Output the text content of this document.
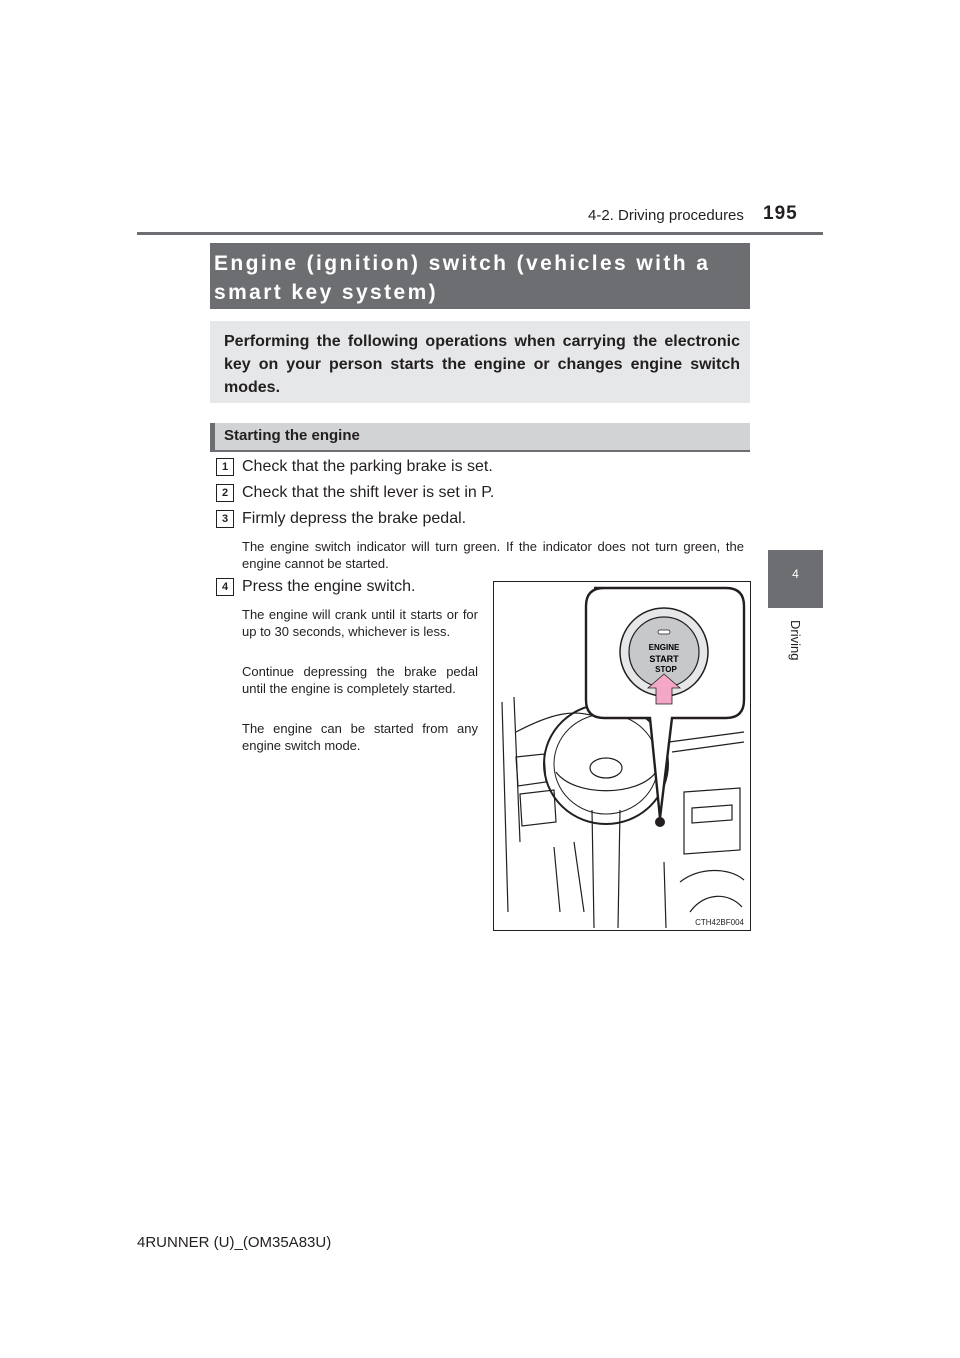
4-2. Driving procedures 195
4
Driving
Engine (ignition) switch (vehicles with a smart key system)
Performing the following operations when carrying the electronic key on your person starts the engine or changes engine switch modes.
Starting the engine
1 Check that the parking brake is set.
2 Check that the shift lever is set in P.
3 Firmly depress the brake pedal.
The engine switch indicator will turn green. If the indicator does not turn green, the engine cannot be started.
4 Press the engine switch.
The engine will crank until it starts or for up to 30 seconds, whichever is less.
Continue depressing the brake pedal until the engine is completely started.
The engine can be started from any engine switch mode.
ENGINE
START
STOP
CTH42BF004
4RUNNER (U)_(OM35A83U)
